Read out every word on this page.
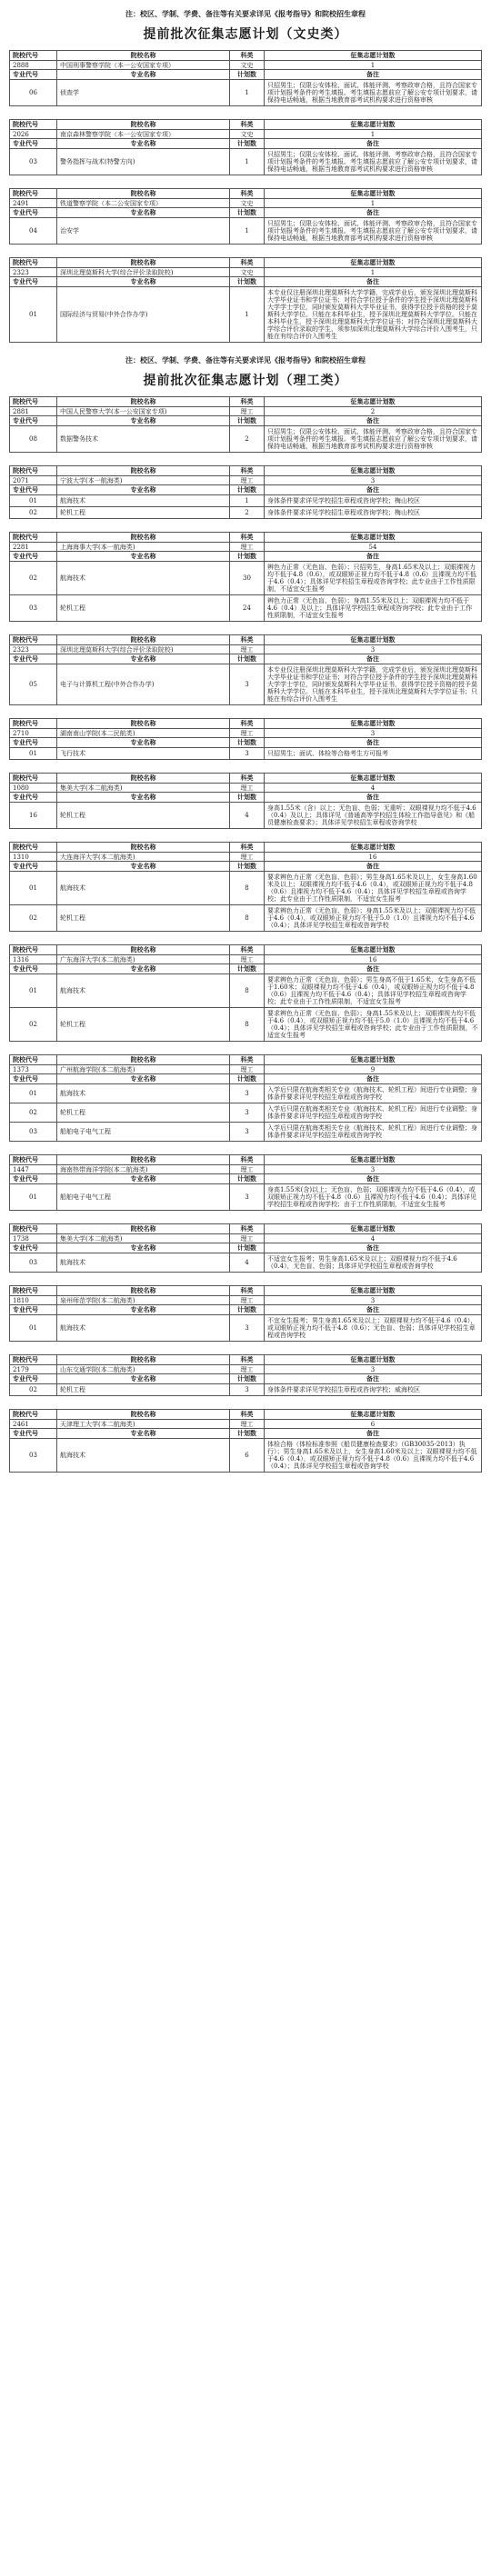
注：校区、学制、学费、备注等有关要求详见《报考指导》和院校招生章程
提前批次征集志愿计划（文史类）
院校代号	院校名称	科类	征集志愿计划数
2888	中国刑事警察学院（本一公安国家专项）	文史	1
专业代号	专业名称	计划数	备注
06	侦查学	1	只招男生；仅限公安体检、面试、体能评测、考察政审合格，且符合国家专项计划报考条件的考生填报。考生填报志愿前应了解公安专项计划要求，请保持电话畅通，根据当地教育部考试机构要求进行资格审核
院校代号	院校名称	科类	征集志愿计划数
2026	南京森林警察学院（本一公安国家专项）	文史	1
专业代号	专业名称	计划数	备注
03	警务指挥与战术(特警方向)	1	只招男生；仅限公安体检、面试、体能评测、考察政审合格，且符合国家专项计划报考条件的考生填报。考生填报志愿前应了解公安专项计划要求，请保持电话畅通，根据当地教育部考试机构要求进行资格审核
院校代号	院校名称	科类	征集志愿计划数
2491	铁道警察学院（本二公安国家专项）	文史	1
专业代号	专业名称	计划数	备注
04	治安学	1	只招男生；仅限公安体检、面试、体能评测、考察政审合格，且符合国家专项计划报考条件的考生填报。考生填报志愿前应了解公安专项计划要求，请保持电话畅通，根据当地教育部考试机构要求进行资格审核
院校代号	院校名称	科类	征集志愿计划数
2323	深圳北理莫斯科大学(综合评价录取院校)	文史	1
专业代号	专业名称	计划数	备注
01	国际经济与贸易(中外合作办学)	1	本专业仅注册深圳北理莫斯科大学学籍，完成学业后，颁发深圳北理莫斯科大学毕业证书和学位证书；对符合学位授予条件的学生授予深圳北理莫斯科大学学士学位，同时颁发莫斯科大学毕业证书，获得学位授予资格的授予莫斯科大学学位。只能在本科毕业生，授予深圳北理莫斯科大学学位。只能在本科毕业生，授予深圳北理莫斯科大学学位证书；对符合深圳北理莫斯科大学综合评价录取的学生，须参加深圳北理莫斯科大学综合评价入围考生，只能在有综合评价入围考生
注：校区、学制、学费、备注等有关要求详见《报考指导》和院校招生章程
提前批次征集志愿计划（理工类）
院校代号	院校名称	科类	征集志愿计划数
2881	中国人民警察大学(本一公安国家专项)	理工	2
专业代号	专业名称	计划数	备注
08	数据警务技术	2	只招男生；仅限公安体检、面试、体能评测、考察政审合格，且符合国家专项计划报考条件的考生填报。考生填报志愿前应了解公安专项计划要求，请保持电话畅通，根据当地教育部考试机构要求进行资格审核
院校代号	院校名称	科类	征集志愿计划数
2071	宁波大学(本一航海类)	理工	3
专业代号	专业名称	计划数	备注
01	航海技术	1	身体条件要求详见学校招生章程或咨询学校；梅山校区
02	轮机工程	2	身体条件要求详见学校招生章程或咨询学校；梅山校区
院校代号	院校名称	科类	征集志愿计划数
2281	上海海事大学(本一航海类)	理工	54
专业代号	专业名称	计划数	备注
02	航海技术	30	辨色力正常（无色盲、色弱）；只招男生，身高1.65米及以上；双眼裸视力均不低于4.8（0.6），或双眼矫正视力均不低于4.8（0.6）且裸视力均不低于4.6（0.4）；具体详见学校招生章程或咨询学校；此专业由于工作性质限制，不适宜女生报考
03	轮机工程	24	辨色力正常（无色盲、色弱）；身高1.55米及以上；双眼裸视力均不低于4.6（0.4）及以上；具体详见学校招生章程或咨询学校；此专业由于工作性质限制，不适宜女生报考
院校代号	院校名称	科类	征集志愿计划数
2323	深圳北理莫斯科大学(综合评价录取院校)	理工	3
专业代号	专业名称	计划数	备注
05	电子与计算机工程(中外合作办学)	3	本专业仅注册深圳北理莫斯科大学学籍，完成学业后，颁发深圳北理莫斯科大学毕业证书和学位证书；对符合学位授予条件的学生授予深圳北理莫斯科大学学士学位，同时颁发莫斯科大学毕业证书，获得学位授予资格的授予莫斯科大学学位。只能在本科毕业生，授予深圳北理莫斯科大学学位证书；只能在有综合评价入围考生
院校代号	院校名称	科类	征集志愿计划数
2710	湖南南山学院(本二民航类)	理工	3
专业代号	专业名称	计划数	备注
01	飞行技术	3	只招男生；面试、体检等合格考生方可报考
院校代号	院校名称	科类	征集志愿计划数
1080	集美大学(本二航海类)	理工	4
专业代号	专业名称	计划数	备注
16	轮机工程	4	身高1.55米（含）以上；无色盲、色弱；无重听；双眼裸视力均不低于4.6（0.4）及以上；具体详见《普通高等学校招生体检工作指导意见》和《船员健康检查要求》；具体详见学校招生章程或咨询学校
院校代号	院校名称	科类	征集志愿计划数
1310	大连海洋大学(本二航海类)	理工	16
专业代号	专业名称	计划数	备注
01	航海技术	8	要求辨色力正常（无色盲、色弱）；男生身高1.65米及以上，女生身高1.60米及以上；双眼裸视力均不低于4.6（0.4），或双眼矫正视力均不低于4.8（0.6）且裸视力均不低于4.6（0.4）；具体详见学校招生章程或咨询学校；此专业由于工作性质限制，不适宜女生报考
02	轮机工程	8	要求辨色力正常（无色盲、色弱）；身高1.55米及以上；双眼裸视力均不低于4.6（0.4），或双眼矫正视力均不低于5.0（1.0）且裸视力均不低于4.6（0.4）；具体详见学校招生章程或咨询学校
院校代号	院校名称	科类	征集志愿计划数
1316	广东海洋大学(本二航海类)	理工	16
专业代号	专业名称	计划数	备注
01	航海技术	8	要求辨色力正常（无色盲、色弱）；男生身高不低于1.65米，女生身高不低于1.60米；双眼裸视力均不低于4.6（0.4），或双眼矫正视力均不低于4.8（0.6）且裸视力均不低于4.6（0.4）；具体详见学校招生章程或咨询学校；此专业由于工作性质限制，不适宜女生报考
02	轮机工程	8	要求辨色力正常（无色盲、色弱）；身高1.55米及以上；双眼裸视力均不低于4.6（0.4），或双眼矫正视力均不低于5.0（1.0）且裸视力均不低于4.6（0.4）；具体详见学校招生章程或咨询学校；此专业由于工作性质限制，不适宜女生报考
院校代号	院校名称	科类	征集志愿计划数
1373	广州航海学院(本二航海类)	理工	9
专业代号	专业名称	计划数	备注
01	航海技术	3	入学后只限在航海类相关专业（航海技术、轮机工程）间进行专业调整；身体条件要求详见学校招生章程或咨询学校
02	轮机工程	3	入学后只限在航海类相关专业（航海技术、轮机工程）间进行专业调整；身体条件要求详见学校招生章程或咨询学校
03	船舶电子电气工程	3	入学后只限在航海类相关专业（航海技术、轮机工程）间进行专业调整；身体条件要求详见学校招生章程或咨询学校
院校代号	院校名称	科类	征集志愿计划数
1447	海南热带海洋学院(本二航海类)	理工	3
专业代号	专业名称	计划数	备注
01	船舶电子电气工程	3	身高1.55米(含)以上；无色盲、色弱；双眼裸视力均不低于4.6（0.4），或双眼矫正视力均不低于4.8（0.6）且裸视力均不低于4.6（0.4）；具体详见学校招生章程或咨询学校；由于工作性质限制，不适宜女生报考
院校代号	院校名称	科类	征集志愿计划数
1738	集美大学(本二航海类)	理工	4
专业代号	专业名称	计划数	备注
03	航海技术	4	不适宜女生报考；男生身高1.65米及以上；双眼裸视力均不低于4.6（0.4），无色盲、色弱；具体详见学校招生章程或咨询学校
院校代号	院校名称	科类	征集志愿计划数
1810	泉州师范学院(本二航海类)	理工	3
专业代号	专业名称	计划数	备注
01	航海技术	3	不宜女生报考；男生身高1.65米及以上；双眼裸视力均不低于4.6（0.4），或双眼矫正视力均不低于4.8（0.6）；无色盲、色弱；具体详见学校招生章程或咨询学校
院校代号	院校名称	科类	征集志愿计划数
2179	山东交通学院(本二航海类)	理工	3
专业代号	专业名称	计划数	备注
02	轮机工程	3	身体条件要求详见学校招生章程或咨询学校；威海校区
院校代号	院校名称	科类	征集志愿计划数
2461	天津理工大学(本二航海类)	理工	6
专业代号	专业名称	计划数	备注
03	航海技术	6	体检合格（体检标准参照《船员健康检查要求》（GB30035-2013）执行）；男生身高1.65米及以上，女生身高1.60米及以上；双眼裸视力均不低于4.6（0.4），或双眼矫正视力均不低于4.8（0.6）且裸视力均不低于4.6（0.4）；具体详见学校招生章程或咨询学校
